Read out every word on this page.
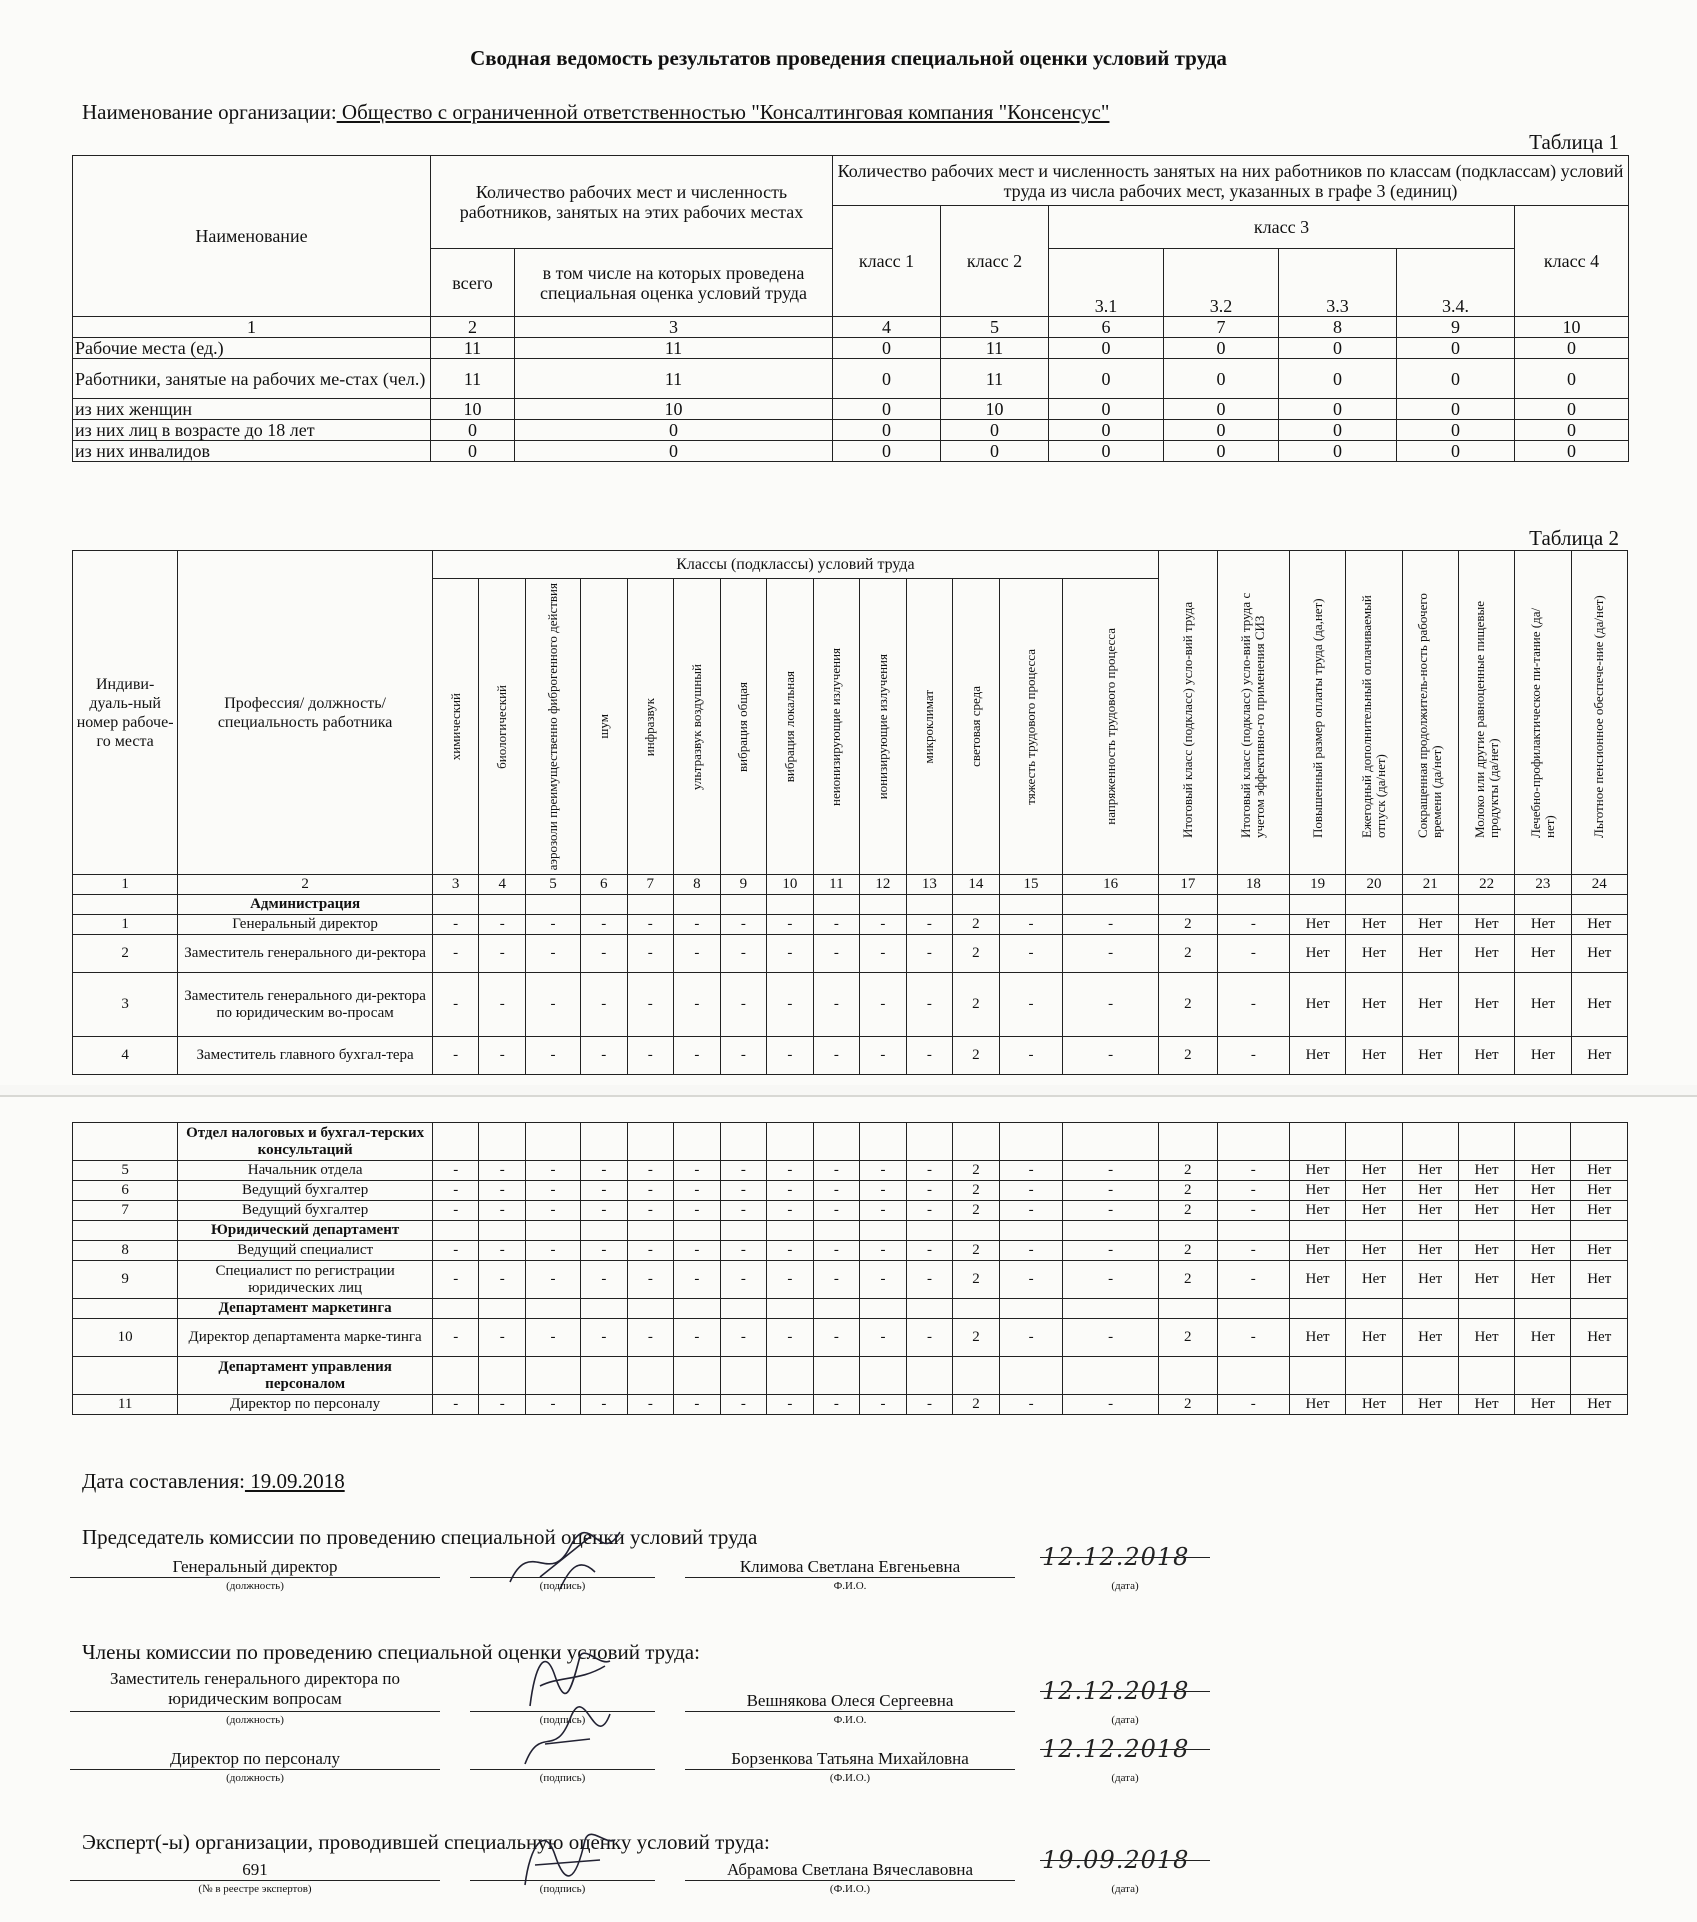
Сводная ведомость результатов проведения специальной оценки условий труда
Наименование организации: Общество с ограниченной ответственностью "Консалтинговая компания "Консенсус"
Таблица 1
Наименование	Количество рабочих мест и численность работников, занятых на этих рабочих местах		Количество рабочих мест и численность занятых на них работников по классам (подклассам) условий труда из числа рабочих мест, указанных в графе 3 (единиц)						
			класс 1	класс 2	класс 3				класс 4
	всего	в том числе на которых проведена специальная оценка условий труда			3.1	3.2	3.3	3.4.	
1	2	3	4	5	6	7	8	9	10
Рабочие места (ед.)	11	11	0	11	0	0	0	0	0
Работники, занятые на рабочих ме-стах (чел.)	11	11	0	11	0	0	0	0	0
из них женщин	10	10	0	10	0	0	0	0	0
из них лиц в возрасте до 18 лет	0	0	0	0	0	0	0	0	0
из них инвалидов	0	0	0	0	0	0	0	0	0
Таблица 2
Индиви-дуаль-ный номер рабоче-го места	Профессия/ должность/ специальность работника	Классы (подклассы) условий труда														Итоговый класс (подкласс) усло-вий труда	Итоговый класс (подкласс) усло-вий труда с учетом эффективно-го применения СИЗ	Повышенный размер оплаты труда (да,нет)	Ежегодный дополнительный оплачиваемый отпуск (да/нет)	Сокращенная продолжитель-ность рабочего времени (да/нет)	Молоко или другие равноценные пищевые продукты (да/нет)	Лечебно-профилактическое пи-тание (да/нет)	Льготное пенсионное обеспече-ние (да/нет)

		химический	биологический	аэрозоли преимущественно фиброгенного действия	шум	инфразвук	ультразвук воздушный	вибрация общая	вибрация локальная	неионизирующие излучения	ионизирующие излучения	микроклимат	световая среда	тяжесть трудового процесса	напряженность трудового процесса								

1	2	3	4	5	6	7	8	9	10	11	12	13	14	15	16	17	18	19	20	21	22	23	24
	Администрация																						
1	Генеральный директор	-	-	-	-	-	-	-	-	-	-	-	2	-	-	2	-	Нет	Нет	Нет	Нет	Нет	Нет
2	Заместитель генерального ди-ректора	-	-	-	-	-	-	-	-	-	-	-	2	-	-	2	-	Нет	Нет	Нет	Нет	Нет	Нет
3	Заместитель генерального ди-ректора по юридическим во-просам	-	-	-	-	-	-	-	-	-	-	-	2	-	-	2	-	Нет	Нет	Нет	Нет	Нет	Нет
4	Заместитель главного бухгал-тера	-	-	-	-	-	-	-	-	-	-	-	2	-	-	2	-	Нет	Нет	Нет	Нет	Нет	Нет
	Отдел налоговых и бухгал-терских консультаций																						
5	Начальник отдела	-	-	-	-	-	-	-	-	-	-	-	2	-	-	2	-	Нет	Нет	Нет	Нет	Нет	Нет
6	Ведущий бухгалтер	-	-	-	-	-	-	-	-	-	-	-	2	-	-	2	-	Нет	Нет	Нет	Нет	Нет	Нет
7	Ведущий бухгалтер	-	-	-	-	-	-	-	-	-	-	-	2	-	-	2	-	Нет	Нет	Нет	Нет	Нет	Нет
	Юридический департамент																						
8	Ведущий специалист	-	-	-	-	-	-	-	-	-	-	-	2	-	-	2	-	Нет	Нет	Нет	Нет	Нет	Нет
9	Специалист по регистрации юридических лиц	-	-	-	-	-	-	-	-	-	-	-	2	-	-	2	-	Нет	Нет	Нет	Нет	Нет	Нет
	Департамент маркетинга																						
10	Директор департамента марке-тинга	-	-	-	-	-	-	-	-	-	-	-	2	-	-	2	-	Нет	Нет	Нет	Нет	Нет	Нет
	Департамент управления персоналом																						
11	Директор по персоналу	-	-	-	-	-	-	-	-	-	-	-	2	-	-	2	-	Нет	Нет	Нет	Нет	Нет	Нет
Дата составления: 19.09.2018
Председатель комиссии по проведению специальной оценки условий труда
Генеральный директор	Климова Светлана Евгеньевна	12.12.2018
(должность)	(подпись)	Ф.И.О.	(дата)
Члены комиссии по проведению специальной оценки условий труда:
Заместитель генерального директора по юридическим вопросам	Вешнякова Олеся Сергеевна	12.12.2018
(должность)	(подпись)	Ф.И.О.	(дата)
Директор по персоналу	Борзенкова Татьяна Михайловна	12.12.2018
(должность)	(подпись)	(Ф.И.О.)	(дата)
Эксперт(-ы) организации, проводившей специальную оценку условий труда:
691	Абрамова Светлана Вячеславовна	19.09.2018
(№ в реестре экспертов)	(подпись)	(Ф.И.О.)	(дата)
